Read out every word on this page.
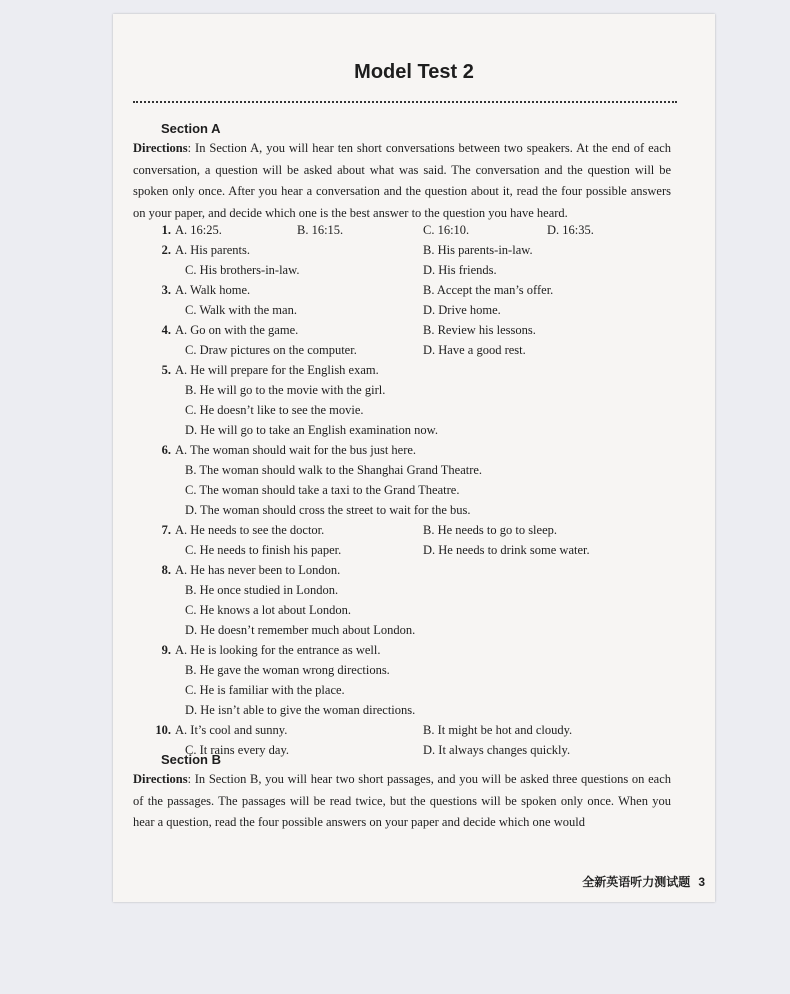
Model Test 2
Section A
Directions: In Section A, you will hear ten short conversations between two speakers. At the end of each conversation, a question will be asked about what was said. The conversation and the question will be spoken only once. After you hear a conversation and the question about it, read the four possible answers on your paper, and decide which one is the best answer to the question you have heard.
1. A. 16:25.	B. 16:15.	C. 16:10.	D. 16:35.
2. A. His parents.	B. His parents-in-law.
C. His brothers-in-law.	D. His friends.
3. A. Walk home.	B. Accept the man’s offer.
C. Walk with the man.	D. Drive home.
4. A. Go on with the game.	B. Review his lessons.
C. Draw pictures on the computer.	D. Have a good rest.
5. A. He will prepare for the English exam.
B. He will go to the movie with the girl.
C. He doesn’t like to see the movie.
D. He will go to take an English examination now.
6. A. The woman should wait for the bus just here.
B. The woman should walk to the Shanghai Grand Theatre.
C. The woman should take a taxi to the Grand Theatre.
D. The woman should cross the street to wait for the bus.
7. A. He needs to see the doctor.	B. He needs to go to sleep.
C. He needs to finish his paper.	D. He needs to drink some water.
8. A. He has never been to London.
B. He once studied in London.
C. He knows a lot about London.
D. He doesn’t remember much about London.
9. A. He is looking for the entrance as well.
B. He gave the woman wrong directions.
C. He is familiar with the place.
D. He isn’t able to give the woman directions.
10. A. It’s cool and sunny.	B. It might be hot and cloudy.
C. It rains every day.	D. It always changes quickly.
Section B
Directions: In Section B, you will hear two short passages, and you will be asked three questions on each of the passages. The passages will be read twice, but the questions will be spoken only once. When you hear a question, read the four possible answers on your paper and decide which one would
全新英语听力测试题 3
